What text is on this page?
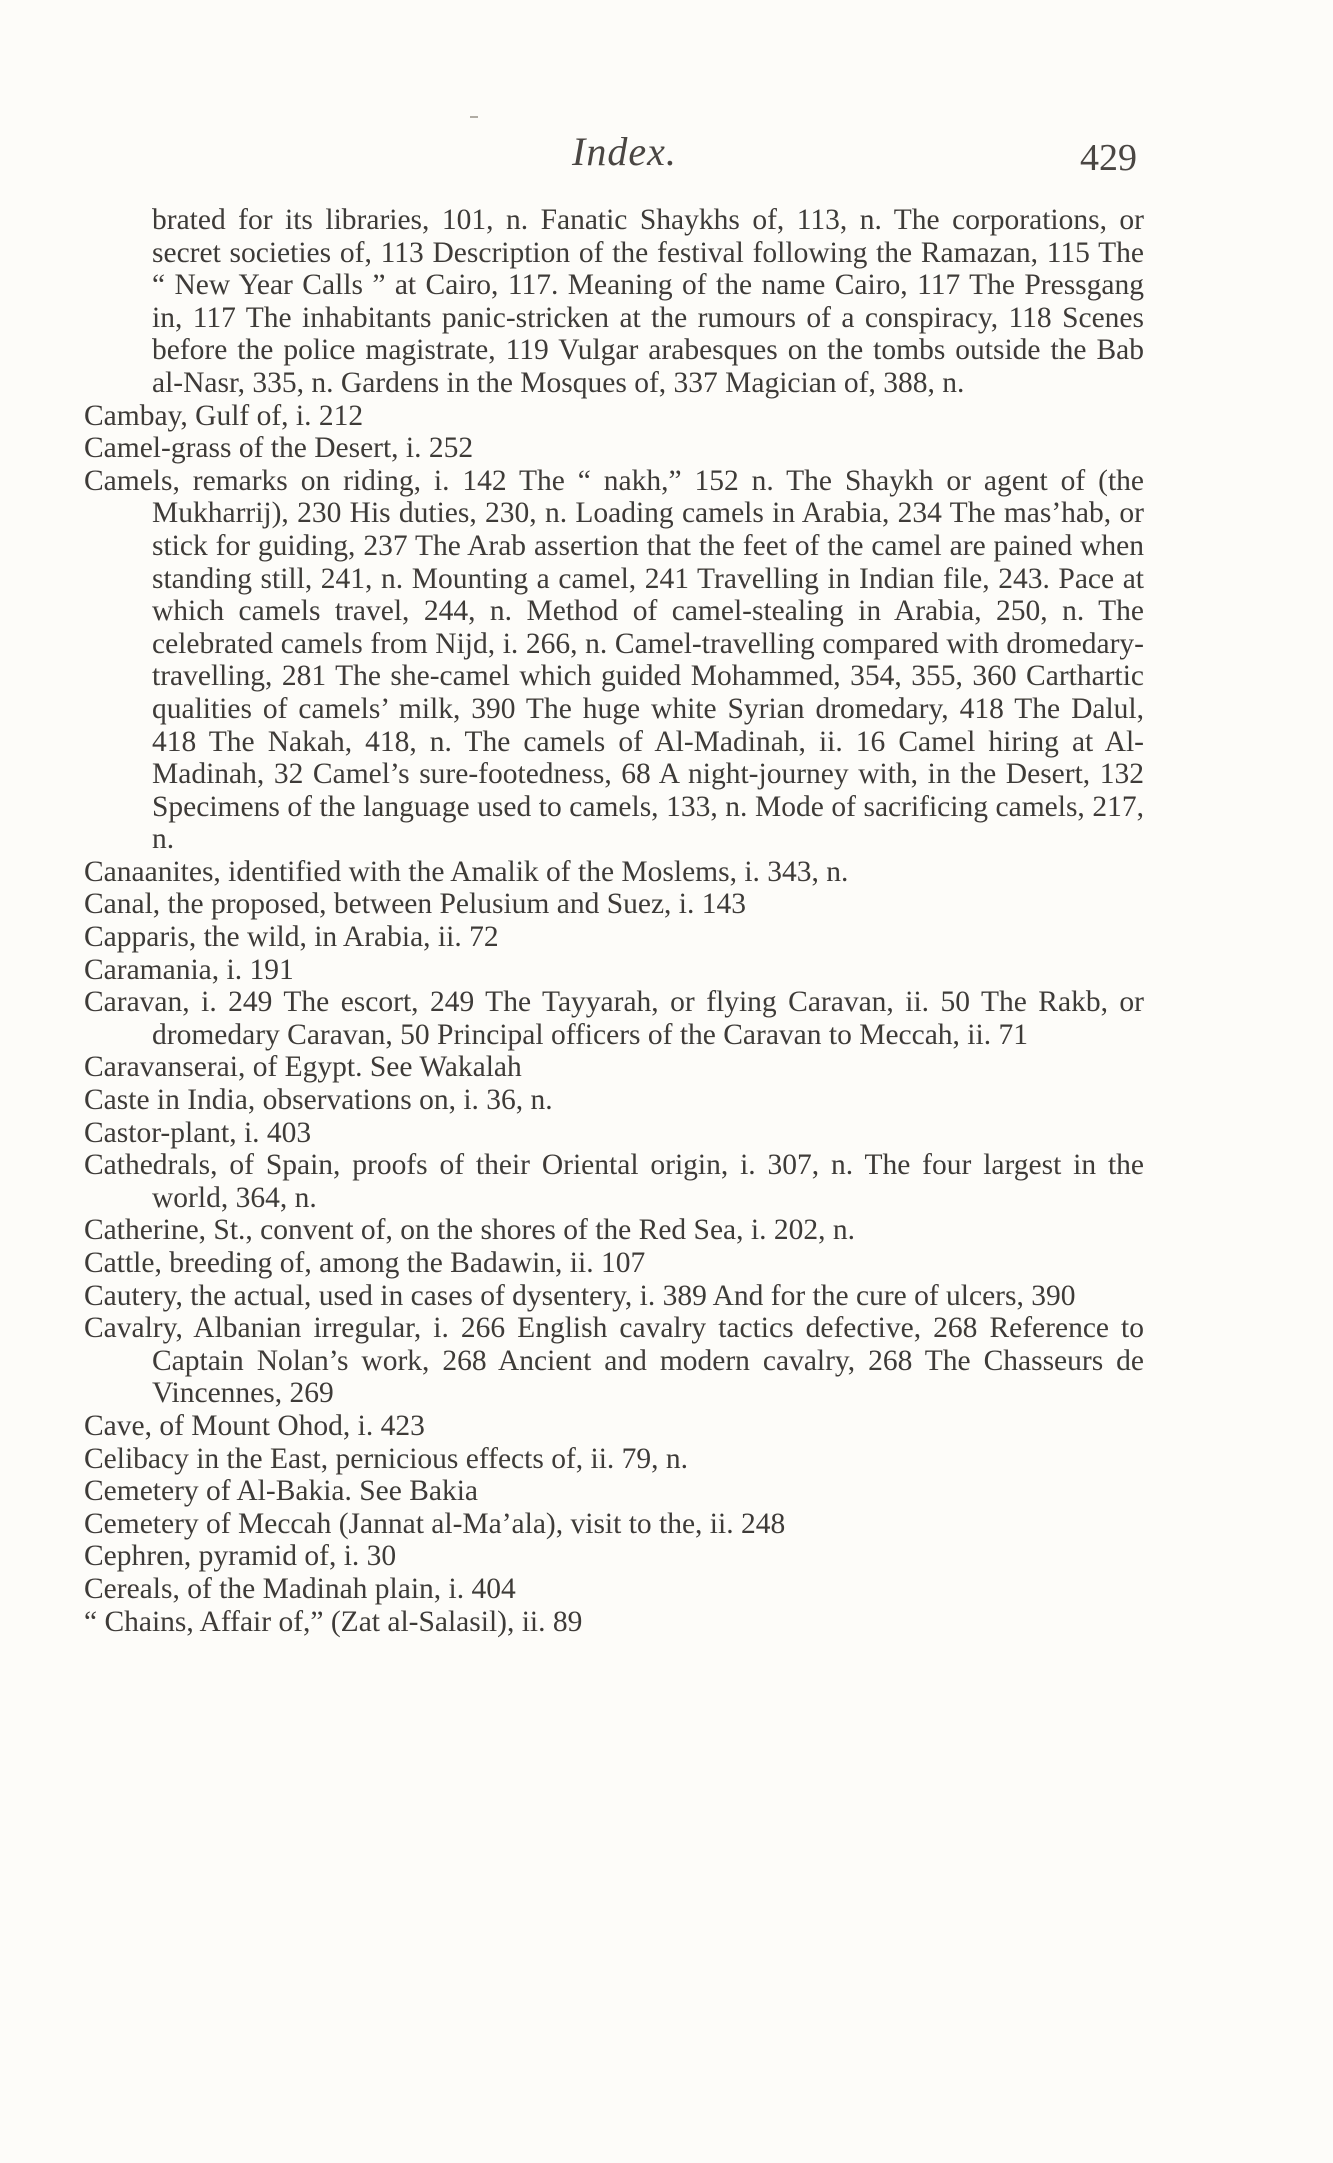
Index.	429

brated for its libraries, 101, n. Fanatic Shaykhs of, 113, n. The corporations, or secret societies of, 113 Description of the festival following the Ramazan, 115 The “ New Year Calls ” at Cairo, 117. Meaning of the name Cairo, 117 The Pressgang in, 117 The inhabitants panic-stricken at the rumours of a conspiracy, 118 Scenes before the police magistrate, 119 Vulgar arabesques on the tombs outside the Bab al-Nasr, 335, n. Gardens in the Mosques of, 337 Magician of, 388, n.

Cambay, Gulf of, i. 212

Camel-grass of the Desert, i. 252

Camels, remarks on riding, i. 142 The “ nakh,” 152 n. The Shaykh or agent of (the Mukharrij), 230 His duties, 230, n. Loading camels in Arabia, 234 The mas’hab, or stick for guiding, 237 The Arab assertion that the feet of the camel are pained when standing still, 241, n. Mounting a camel, 241 Travelling in Indian file, 243. Pace at which camels travel, 244, n. Method of camel-stealing in Arabia, 250, n. The celebrated camels from Nijd, i. 266, n. Camel-travelling compared with dromedary-travelling, 281 The she-camel which guided Mohammed, 354, 355, 360 Carthartic qualities of camels’ milk, 390 The huge white Syrian dromedary, 418 The Dalul, 418 The Nakah, 418, n. The camels of Al-Madinah, ii. 16 Camel hiring at Al-Madinah, 32 Camel’s sure-footedness, 68 A night-journey with, in the Desert, 132 Specimens of the language used to camels, 133, n. Mode of sacrificing camels, 217, n.

Canaanites, identified with the Amalik of the Moslems, i. 343, n.

Canal, the proposed, between Pelusium and Suez, i. 143

Capparis, the wild, in Arabia, ii. 72

Caramania, i. 191

Caravan, i. 249 The escort, 249 The Tayyarah, or flying Caravan, ii. 50 The Rakb, or dromedary Caravan, 50 Principal officers of the Caravan to Meccah, ii. 71

Caravanserai, of Egypt. See Wakalah

Caste in India, observations on, i. 36, n.

Castor-plant, i. 403

Cathedrals, of Spain, proofs of their Oriental origin, i. 307, n. The four largest in the world, 364, n.

Catherine, St., convent of, on the shores of the Red Sea, i. 202, n.

Cattle, breeding of, among the Badawin, ii. 107

Cautery, the actual, used in cases of dysentery, i. 389 And for the cure of ulcers, 390

Cavalry, Albanian irregular, i. 266 English cavalry tactics defective, 268 Reference to Captain Nolan’s work, 268 Ancient and modern cavalry, 268 The Chasseurs de Vincennes, 269

Cave, of Mount Ohod, i. 423

Celibacy in the East, pernicious effects of, ii. 79, n.

Cemetery of Al-Bakia. See Bakia

Cemetery of Meccah (Jannat al-Ma’ala), visit to the, ii. 248

Cephren, pyramid of, i. 30

Cereals, of the Madinah plain, i. 404

“ Chains, Affair of,” (Zat al-Salasil), ii. 89
